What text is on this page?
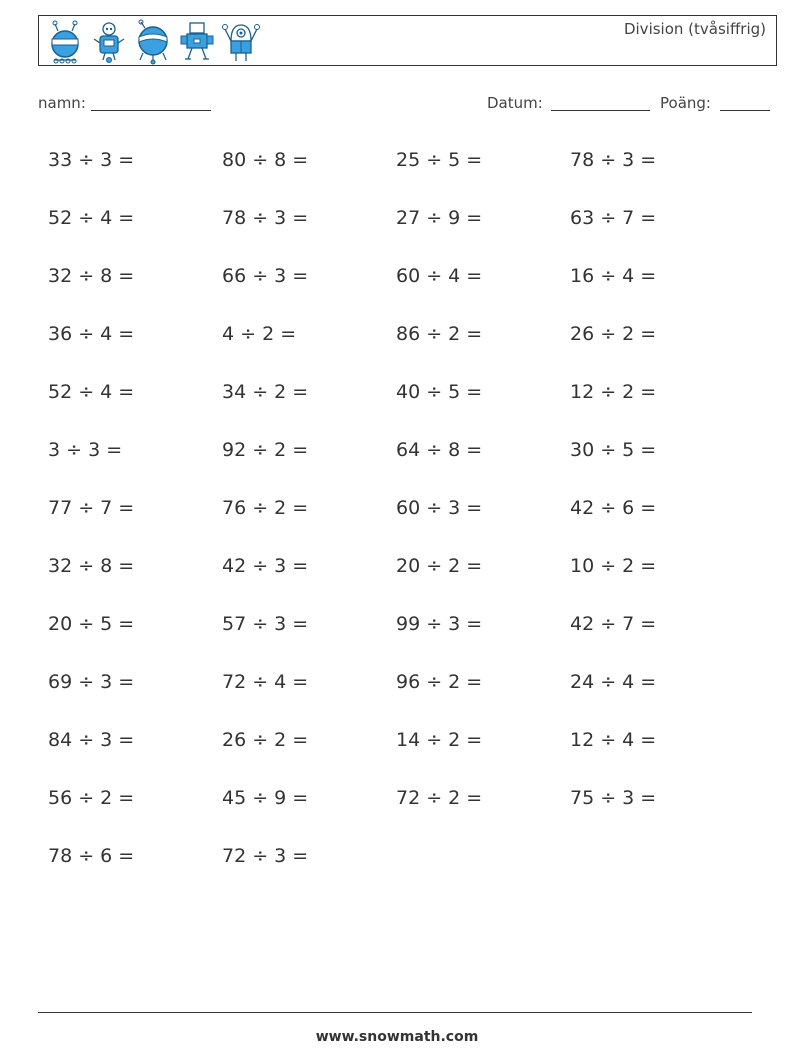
Division (tvåsiffrig)
namn:	Datum:	Poäng:
33 ÷ 3 =	80 ÷ 8 =	25 ÷ 5 =	78 ÷ 3 =
52 ÷ 4 =	78 ÷ 3 =	27 ÷ 9 =	63 ÷ 7 =
32 ÷ 8 =	66 ÷ 3 =	60 ÷ 4 =	16 ÷ 4 =
36 ÷ 4 =	4 ÷ 2 =	86 ÷ 2 =	26 ÷ 2 =
52 ÷ 4 =	34 ÷ 2 =	40 ÷ 5 =	12 ÷ 2 =
3 ÷ 3 =	92 ÷ 2 =	64 ÷ 8 =	30 ÷ 5 =
77 ÷ 7 =	76 ÷ 2 =	60 ÷ 3 =	42 ÷ 6 =
32 ÷ 8 =	42 ÷ 3 =	20 ÷ 2 =	10 ÷ 2 =
20 ÷ 5 =	57 ÷ 3 =	99 ÷ 3 =	42 ÷ 7 =
69 ÷ 3 =	72 ÷ 4 =	96 ÷ 2 =	24 ÷ 4 =
84 ÷ 3 =	26 ÷ 2 =	14 ÷ 2 =	12 ÷ 4 =
56 ÷ 2 =	45 ÷ 9 =	72 ÷ 2 =	75 ÷ 3 =
78 ÷ 6 =	72 ÷ 3 =
www.snowmath.com
